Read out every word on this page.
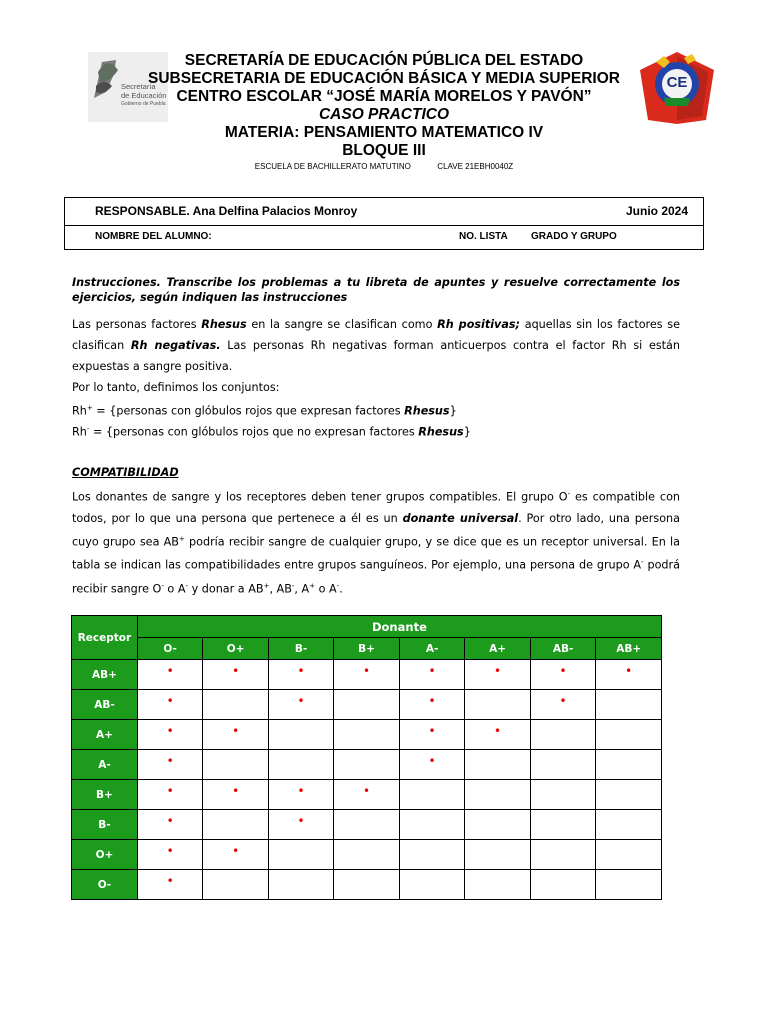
Secretaría
de Educación
Gobierno de Puebla
CE
SECRETARÍA DE EDUCACIÓN PÚBLICA DEL ESTADO
SUBSECRETARIA DE EDUCACIÓN BÁSICA Y MEDIA SUPERIOR
CENTRO ESCOLAR “JOSÉ MARÍA MORELOS Y PAVÓN”
CASO PRACTICO
MATERIA: PENSAMIENTO MATEMATICO IV
BLOQUE III
ESCUELA DE BACHILLERATO MATUTINO	CLAVE 21EBH0040Z
RESPONSABLE. Ana Delfina Palacios Monroy	Junio 2024
NOMBRE DEL ALUMNO:	NO. LISTA GRADO Y GRUPO
Instrucciones. Transcribe los problemas a tu libreta de apuntes y resuelve correctamente los ejercicios, según indiquen las instrucciones
Las personas factores Rhesus en la sangre se clasifican como Rh positivas; aquellas sin los factores se clasifican Rh negativas. Las personas Rh negativas forman anticuerpos contra el factor Rh si están expuestas a sangre positiva.
Por lo tanto, definimos los conjuntos:
Rh+ = {personas con glóbulos rojos que expresan factores Rhesus}
Rh- = {personas con glóbulos rojos que no expresan factores Rhesus}
COMPATIBILIDAD
Los donantes de sangre y los receptores deben tener grupos compatibles. El grupo O- es compatible con todos, por lo que una persona que pertenece a él es un donante universal. Por otro lado, una persona cuyo grupo sea AB+ podría recibir sangre de cualquier grupo, y se dice que es un receptor universal. En la tabla se indican las compatibilidades entre grupos sanguíneos. Por ejemplo, una persona de grupo A- podrá recibir sangre O- o A- y donar a AB+, AB-, A+ o A-.
Receptor	Donante							
	O-	O+	B-	B+	A-	A+	AB-	AB+
AB+	•	•	•	•	•	•	•	•
AB-	•		•		•		•	
A+	•	•			•	•		
A-	•				•			
B+	•	•	•	•				
B-	•		•					
O+	•	•						
O-	•							
